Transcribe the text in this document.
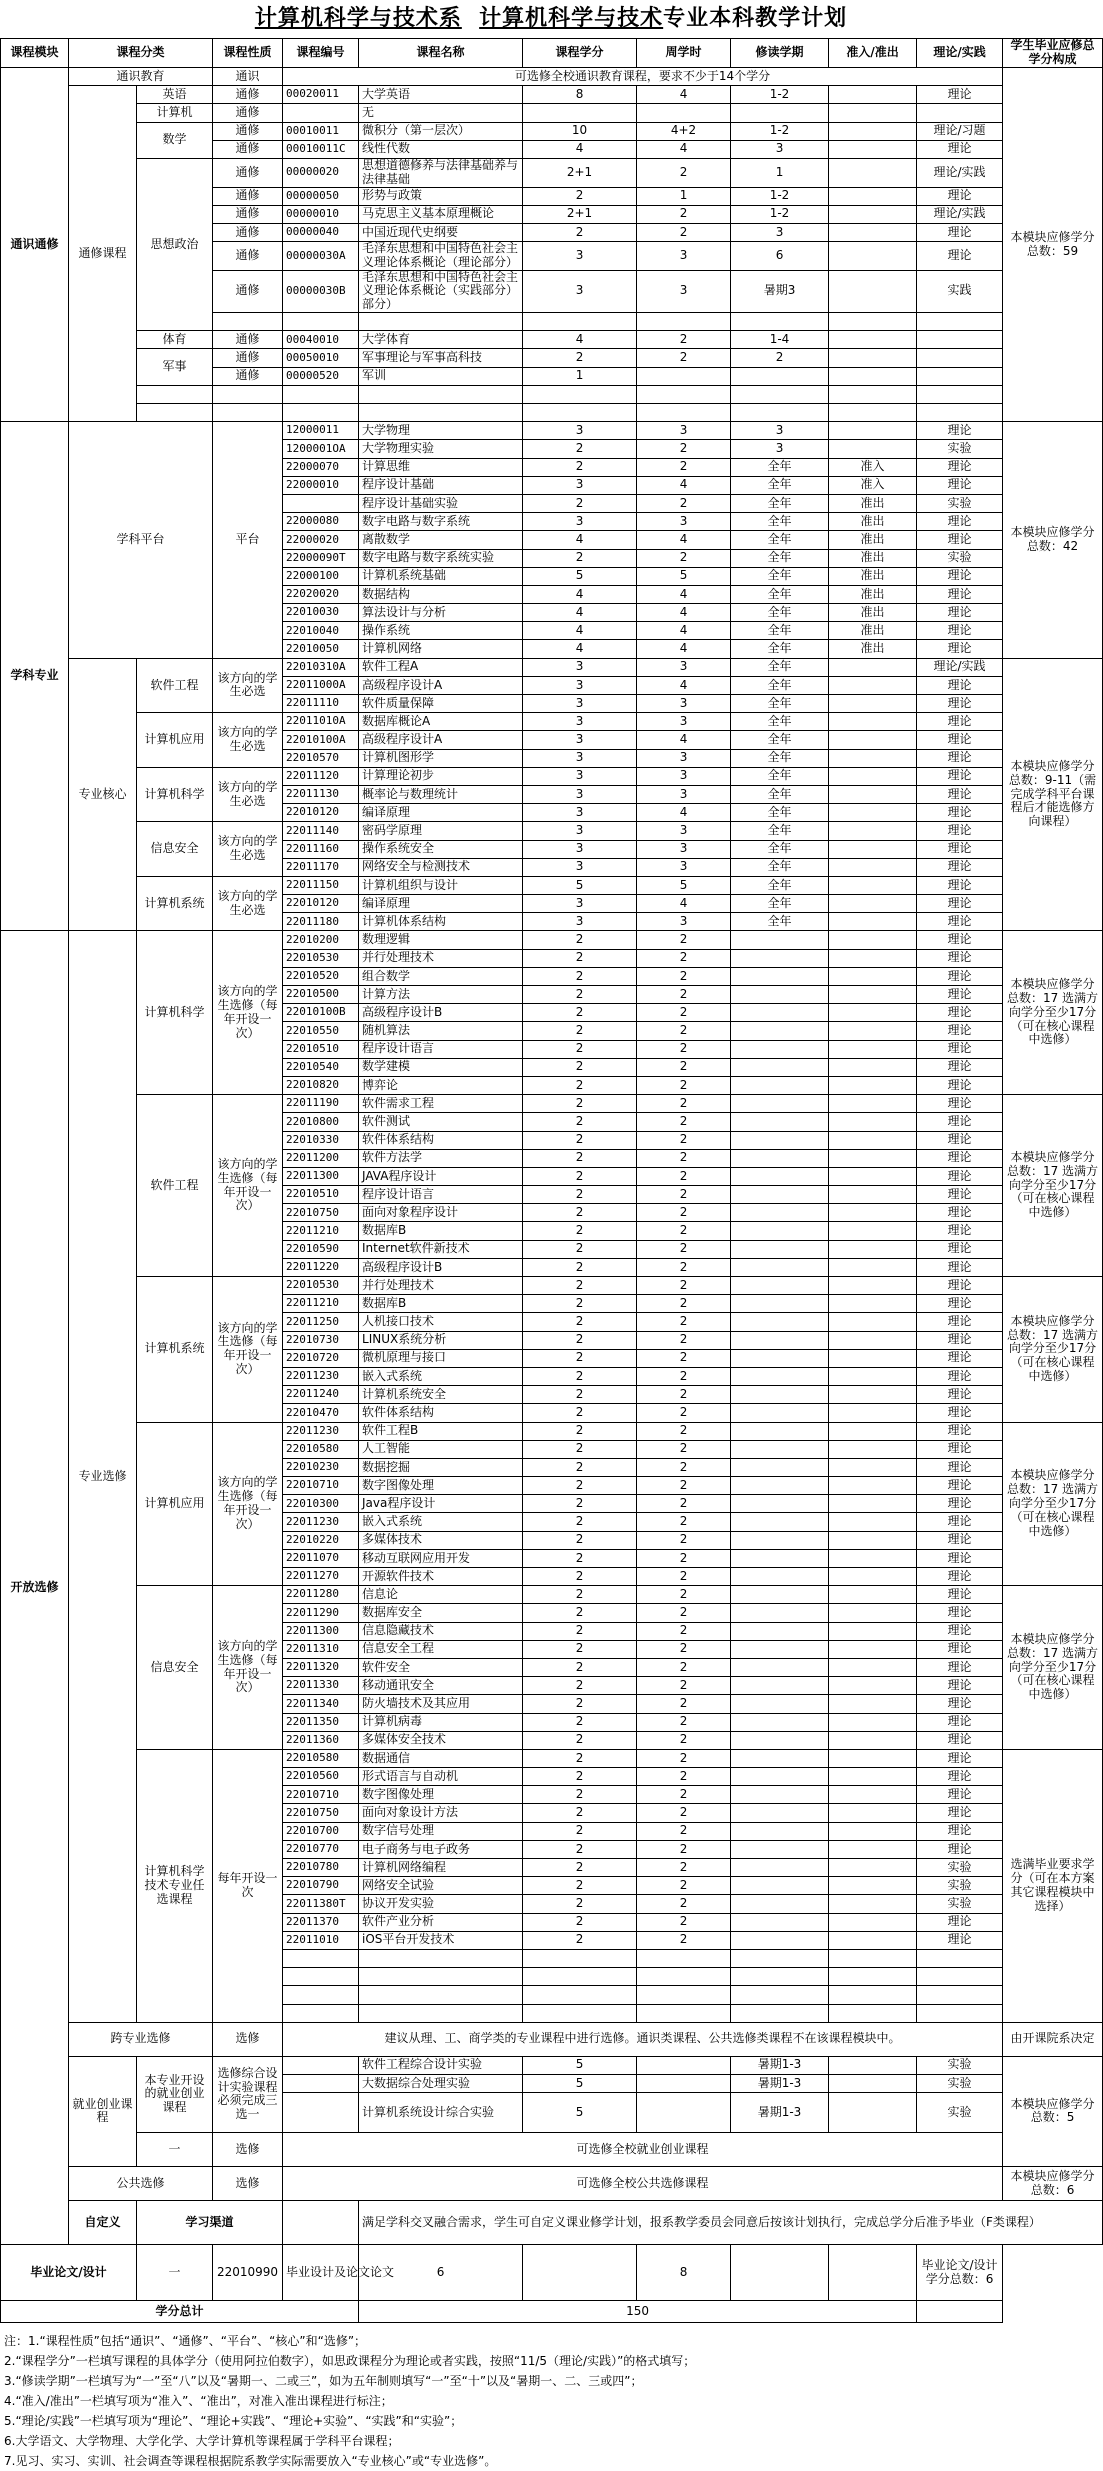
计算机科学与技术系 计算机科学与技术专业本科教学计划
课程模块	课程分类		课程性质	课程编号	课程名称	课程学分	周学时	修读学期	准入/准出	理论/实践	学生毕业应修总学分构成	
通识通修	通识教育		通识	可选修全校通识教育课程，要求不少于14个学分							本模块应修学分总数：59	
	通修课程	英语	通修	00020011	大学英语	8	4	1-2		理论		
		计算机	通修		无							
		数学	通修	00010011	微积分（第一层次）	10	4+2	1-2		理论/习题		
			通修	00010011C	线性代数	4	4	3		理论		
		思想政治	通修	00000020	思想道德修养与法律基础养与法律基础	2+1	2	1		理论/实践		
			通修	00000050	形势与政策	2	1	1-2		理论		
			通修	00000010	马克思主义基本原理概论	2+1	2	1-2		理论/实践		
			通修	00000040	中国近现代史纲要	2	2	3		理论		
			通修	00000030A	毛泽东思想和中国特色社会主义理论体系概论（理论部分）	3	3	6		理论		
			通修	00000030B	毛泽东思想和中国特色社会主义理论体系概论（实践部分）部分）	3	3	暑期3		实践		

		体育	通修	00040010	大学体育	4	2	1-4				
		军事	通修	00050010	军事理论与军事高科技	2	2	2				
			通修	00000520	军训	1						

学科专业	学科平台		平台	12000011	大学物理	3	3	3		理论	本模块应修学分总数：42	
				1200001OA	大学物理实验	2	2	3		实验		
				22000070	计算思维	2	2	全年	准入	理论		
				22000010	程序设计基础	3	4	全年	准入	理论		
					程序设计基础实验	2	2	全年	准出	实验		
				22000080	数字电路与数字系统	3	3	全年	准出	理论		
				22000020	离散数学	4	4	全年	准出	理论		
				22000090T	数字电路与数字系统实验	2	2	全年	准出	实验		
				22000100	计算机系统基础	5	5	全年	准出	理论		
				22020020	数据结构	4	4	全年	准出	理论		
				22010030	算法设计与分析	4	4	全年	准出	理论		
				22010040	操作系统	4	4	全年	准出	理论		
				22010050	计算机网络	4	4	全年	准出	理论		
	专业核心	软件工程	该方向的学生必选	22010310A	软件工程A	3	3	全年		理论/实践	本模块应修学分总数：9-11（需完成学科平台课程后才能选修方向课程）	
				22011000A	高级程序设计A	3	4	全年		理论		
				22011110	软件质量保障	3	3	全年		理论		
		计算机应用	该方向的学生必选	22011010A	数据库概论A	3	3	全年		理论		
				22010100A	高级程序设计A	3	4	全年		理论		
				22010570	计算机图形学	3	3	全年		理论		
		计算机科学	该方向的学生必选	22011120	计算理论初步	3	3	全年		理论		
				22011130	概率论与数理统计	3	3	全年		理论		
				22010120	编译原理	3	4	全年		理论		
		信息安全	该方向的学生必选	22011140	密码学原理	3	3	全年		理论		
				22011160	操作系统安全	3	3	全年		理论		
				22011170	网络安全与检测技术	3	3	全年		理论		
		计算机系统	该方向的学生必选	22011150	计算机组织与设计	5	5	全年		理论		
				22010120	编译原理	3	4	全年		理论		
				22011180	计算机体系结构	3	3	全年		理论		
开放选修	专业选修	计算机科学	该方向的学生选修（每年开设一次）	22010200	数理逻辑	2	2			理论	本模块应修学分总数：17 选满方向学分至少17分（可在核心课程中选修）	
				22010530	并行处理技术	2	2			理论		
				22010520	组合数学	2	2			理论		
				22010500	计算方法	2	2			理论		
				22010100B	高级程序设计B	2	2			理论		
				22010550	随机算法	2	2			理论		
				22010510	程序设计语言	2	2			理论		
				22010540	数学建模	2	2			理论		
				22010820	博弈论	2	2			理论		
		软件工程	该方向的学生选修（每年开设一次）	22011190	软件需求工程	2	2			理论	本模块应修学分总数：17 选满方向学分至少17分（可在核心课程中选修）	
				22010800	软件测试	2	2			理论		
				22010330	软件体系结构	2	2			理论		
				22011200	软件方法学	2	2			理论		
				22011300	JAVA程序设计	2	2			理论		
				22010510	程序设计语言	2	2			理论		
				22010750	面向对象程序设计	2	2			理论		
				22011210	数据库B	2	2			理论		
				22010590	Internet软件新技术	2	2			理论		
				22011220	高级程序设计B	2	2			理论		
		计算机系统	该方向的学生选修（每年开设一次）	22010530	并行处理技术	2	2			理论	本模块应修学分总数：17 选满方向学分至少17分（可在核心课程中选修）	
				22011210	数据库B	2	2			理论		
				22011250	人机接口技术	2	2			理论		
				22010730	LINUX系统分析	2	2			理论		
				22010720	微机原理与接口	2	2			理论		
				22011230	嵌入式系统	2	2			理论		
				22011240	计算机系统安全	2	2			理论		
				22010470	软件体系结构	2	2			理论		
		计算机应用	该方向的学生选修（每年开设一次）	22011230	软件工程B	2	2			理论	本模块应修学分总数：17 选满方向学分至少17分（可在核心课程中选修）	
				22010580	人工智能	2	2			理论		
				22010230	数据挖掘	2	2			理论		
				22010710	数字图像处理	2	2			理论		
				22010300	Java程序设计	2	2			理论		
				22011230	嵌入式系统	2	2			理论		
				22010220	多媒体技术	2	2			理论		
				22011070	移动互联网应用开发	2	2			理论		
				22011270	开源软件技术	2	2			理论		
		信息安全	该方向的学生选修（每年开设一次）	22011280	信息论	2	2			理论	本模块应修学分总数：17 选满方向学分至少17分（可在核心课程中选修）	
				22011290	数据库安全	2	2			理论		
				22011300	信息隐藏技术	2	2			理论		
				22011310	信息安全工程	2	2			理论		
				22011320	软件安全	2	2			理论		
				22011330	移动通讯安全	2	2			理论		
				22011340	防火墙技术及其应用	2	2			理论		
				22011350	计算机病毒	2	2			理论		
				22011360	多媒体安全技术	2	2			理论		
		计算机科学技术专业任选课程	每年开设一次	22010580	数据通信	2	2			理论	选满毕业要求学分（可在本方案其它课程模块中选择）	
				22010560	形式语言与自动机	2	2			理论		
				22010710	数字图像处理	2	2			理论		
				22010750	面向对象设计方法	2	2			理论		
				22010700	数字信号处理	2	2			理论		
				22010770	电子商务与电子政务	2	2			理论		
				22010780	计算机网络编程	2	2			实验		
				22010790	网络安全试验	2	2			实验		
				22011380T	协议开发实验	2	2			实验		
				22011370	软件产业分析	2	2			理论		
				22011010	iOS平台开发技术	2	2			理论		

	跨专业选修		选修	建议从理、工、商学类的专业课程中进行选修。通识类课程、公共选修类课程不在该课程模块中。							由开课院系决定	
	就业创业课程	本专业开设的就业创业课程	选修综合设计实验课程必须完成三选一		软件工程综合设计实验	5		暑期1-3		实验	本模块应修学分总数：5	
					大数据综合处理实验	5		暑期1-3		实验		
					计算机系统设计综合实验	5		暑期1-3		实验		
		一	选修	可选修全校就业创业课程								
	公共选修		选修	可选修全校公共选修课程							本模块应修学分总数：6	
	自定义	学习渠道			满足学科交叉融合需求，学生可自定义课业修学计划，报系教学委员会同意后按该计划执行，完成总学分后准予毕业（F类课程）							
毕业论文/设计		一	22010990	毕业设计及论文论文	6		8			毕业论文/设计学分总数：6		
学分总计					150							
注：1.“课程性质”包括“通识”、“通修”、“平台”、“核心”和“选修”；
2.“课程学分”一栏填写课程的具体学分（使用阿拉伯数字），如思政课程分为理论或者实践，按照“11/5（理论/实践）”的格式填写；
3.“修读学期”一栏填写为“一”至“八”以及“暑期一、二或三”，如为五年制则填写“一”至“十”以及“暑期一、二、三或四”；
4.“准入/准出”一栏填写项为“准入”、“准出”，对准入准出课程进行标注；
5.“理论/实践”一栏填写项为“理论”、“理论+实践”、“理论+实验”、“实践”和“实验”；
6.大学语文、大学物理、大学化学、大学计算机等课程属于学科平台课程；
7.见习、实习、实训、社会调查等课程根据院系教学实际需要放入“专业核心”或“专业选修”。
